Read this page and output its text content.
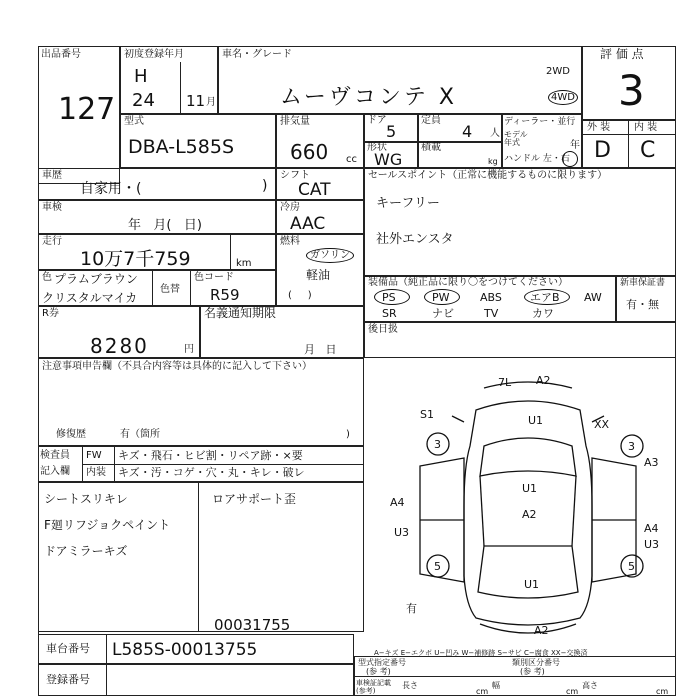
出品番号
127
初度登録年月
H
24 11 月
車名・グレード
ムーヴコンテ X
2WD
4WD
評 価 点
3
外 装 内 装
D C
型式
DBA-L585S
排気量
660 cc
ドア
5
定員
4 人
形状
WG
積載
kg
ディーラー・並行
モデル年式	年
ハンドル 左・右
車歴
自家用・(	)
車検
年   月(   日)
走行
10万7千759	km
色 プラムブラウン
クリスタルマイカ
色替
色コード
R59
シフト
CAT
冷房
AAC
燃料
ガソリン
軽油
(     )
セールスポイント（正常に機能するものに限ります）
キーフリー
社外エンスタ
装備品（純正品に限り〇をつけてください）
PS	PW	ABS	エアB AW
SR	ナビ	TV	カワ
新車保証書
有・無
R券
8280	円
名義通知期限
月   日
後日扱
注意事項申告欄（不具合内容等は具体的に記入して下さい）
修復歴	有（箇所	)
検査員
記入欄
FW
内装
キズ・飛石・ヒビ割・リペア跡・×要
キズ・汚・コゲ・穴・丸・キレ・破レ
シートスリキレ
F廻リフジョクペイント
ドアミラーキズ
ロアサポート歪
7L A2
S1	U1	XX
3	3
A3
U1
A2
A4
U3	A4
U3
5	5
U1
A2
有
A−キズ E−エクボ U−凹み W−補修跡 S−サビ C−腐食 XX−交換済
00031755
車台番号 L585S-00013755
登録番号
型式指定番号
(参 考)
類別区分番号
(参 考)
車検証記載(参考)
長さ
cm
幅
cm
高さ
cm
